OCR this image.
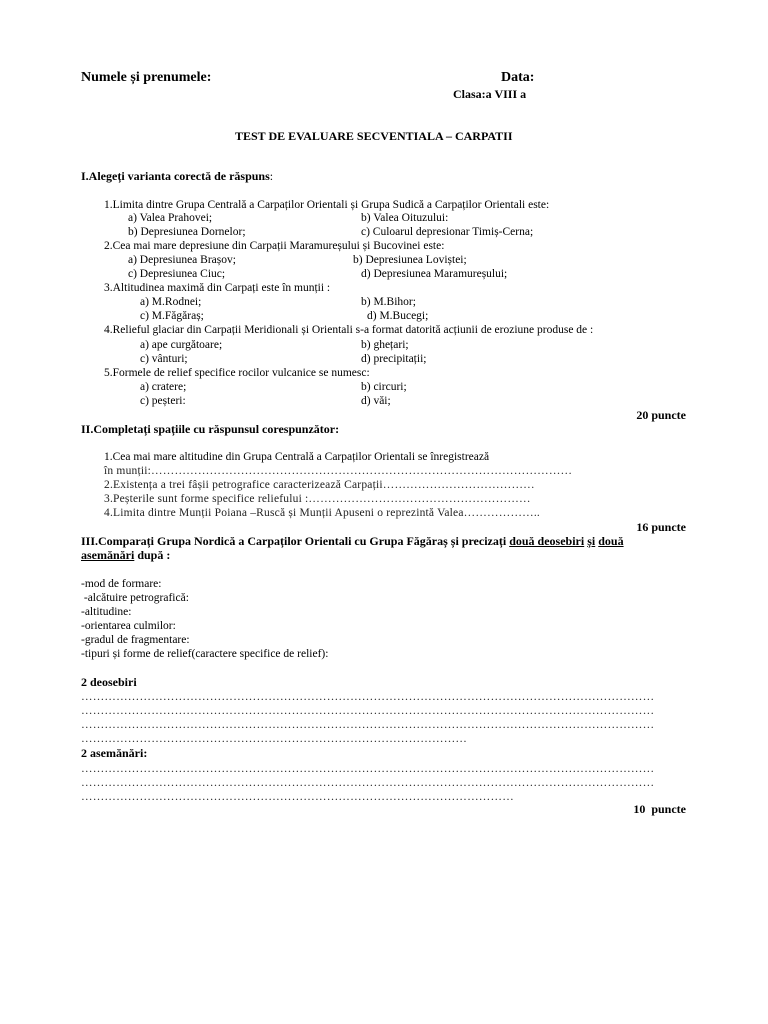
Numele și prenumele:	Data:
Clasa:a VIII a
TEST DE EVALUARE SECVENTIALA – CARPATII
I.Alegeți varianta corectă de răspuns:
1.Limita dintre Grupa Centrală a Carpaților Orientali și Grupa Sudică a Carpaților Orientali este:
a) Valea Prahovei;	b) Valea Oituzului:
b) Depresiunea Dornelor;	c) Culoarul depresionar Timiș-Cerna;
2.Cea mai mare depresiune din Carpații Maramureșului și Bucovinei este:
a) Depresiunea Brașov;	b) Depresiunea Loviștei;
c) Depresiunea Ciuc;	d) Depresiunea Maramureșului;
3.Altitudinea maximă din Carpați este în munții :
a) M.Rodnei;	b) M.Bihor;
c) M.Făgăraș;	d) M.Bucegi;
4.Relieful glaciar din Carpații Meridionali și Orientali s-a format datorită acțiunii de eroziune produse de :
a) ape curgătoare;	b) ghețari;
c) vânturi;	d) precipitații;
5.Formele de relief specifice rocilor vulcanice se numesc:
a) cratere;	b) circuri;
c) peșteri:	d) văi;
20 puncte
II.Completați spațiile cu răspunsul corespunzător:
1.Cea mai mare altitudine din Grupa Centrală a Carpaților Orientali se înregistrează
în munții:………………………………………………………………………………………………
2.Existența a trei fâșii petrografice caracterizează Carpații…………………………………
3.Peșterile sunt forme specifice reliefului :…………………………………………………
4.Limita dintre Munții Poiana –Ruscă și Munții Apuseni o reprezintă Valea………………..
16 puncte
III.Comparați Grupa Nordică a Carpaților Orientali cu Grupa Făgăraș și precizați două deosebiri și două
asemănări după :
-mod de formare:
-alcătuire petrografică:
-altitudine:
-orientarea culmilor:
-gradul de fragmentare:
-tipuri și forme de relief(caractere specifice de relief):
2 deosebiri
…………………………………………………………………………………………………………………………………
…………………………………………………………………………………………………………………………………
…………………………………………………………………………………………………………………………………
………………………………………………………………………………………
2 asemănări:
…………………………………………………………………………………………………………………………………
…………………………………………………………………………………………………………………………………
…………………………………………………………………………………………………
10  puncte
